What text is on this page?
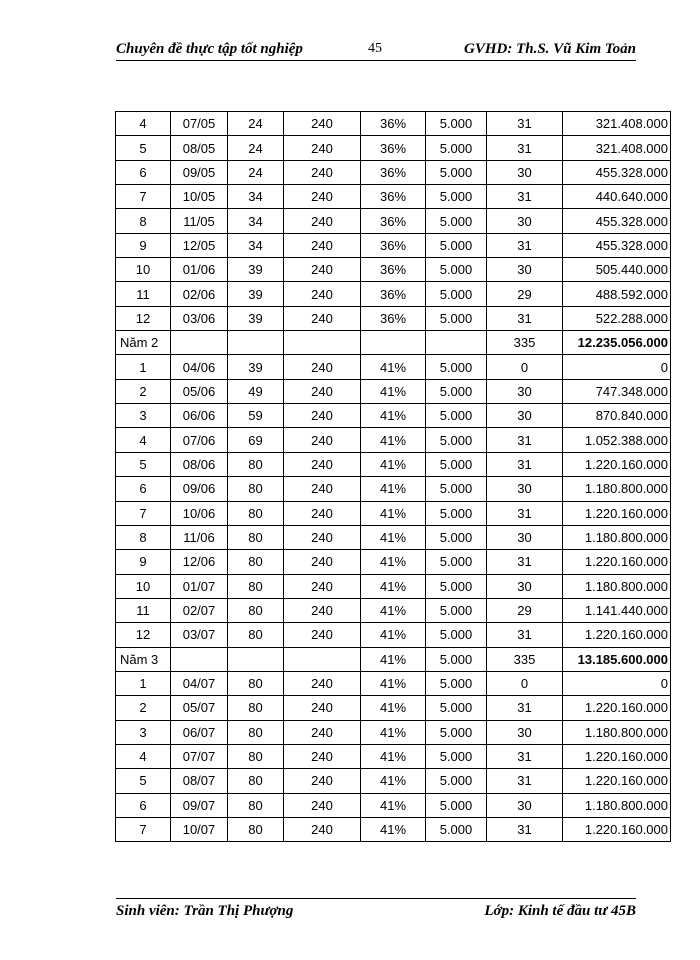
Chuyên đề thực tập tốt nghiệp	45	GVHD: Th.S. Vũ Kim Toản
4	07/05	24	240	36%	5.000	31	321.408.000
5	08/05	24	240	36%	5.000	31	321.408.000
6	09/05	24	240	36%	5.000	30	455.328.000
7	10/05	34	240	36%	5.000	31	440.640.000
8	11/05	34	240	36%	5.000	30	455.328.000
9	12/05	34	240	36%	5.000	31	455.328.000
10	01/06	39	240	36%	5.000	30	505.440.000
11	02/06	39	240	36%	5.000	29	488.592.000
12	03/06	39	240	36%	5.000	31	522.288.000
Năm 2						335	12.235.056.000
1	04/06	39	240	41%	5.000	0	0
2	05/06	49	240	41%	5.000	30	747.348.000
3	06/06	59	240	41%	5.000	30	870.840.000
4	07/06	69	240	41%	5.000	31	1.052.388.000
5	08/06	80	240	41%	5.000	31	1.220.160.000
6	09/06	80	240	41%	5.000	30	1.180.800.000
7	10/06	80	240	41%	5.000	31	1.220.160.000
8	11/06	80	240	41%	5.000	30	1.180.800.000
9	12/06	80	240	41%	5.000	31	1.220.160.000
10	01/07	80	240	41%	5.000	30	1.180.800.000
11	02/07	80	240	41%	5.000	29	1.141.440.000
12	03/07	80	240	41%	5.000	31	1.220.160.000
Năm 3				41%	5.000	335	13.185.600.000
1	04/07	80	240	41%	5.000	0	0
2	05/07	80	240	41%	5.000	31	1.220.160.000
3	06/07	80	240	41%	5.000	30	1.180.800.000
4	07/07	80	240	41%	5.000	31	1.220.160.000
5	08/07	80	240	41%	5.000	31	1.220.160.000
6	09/07	80	240	41%	5.000	30	1.180.800.000
7	10/07	80	240	41%	5.000	31	1.220.160.000
Sinh viên: Trần Thị Phượng	Lớp: Kinh tế đầu tư 45B
